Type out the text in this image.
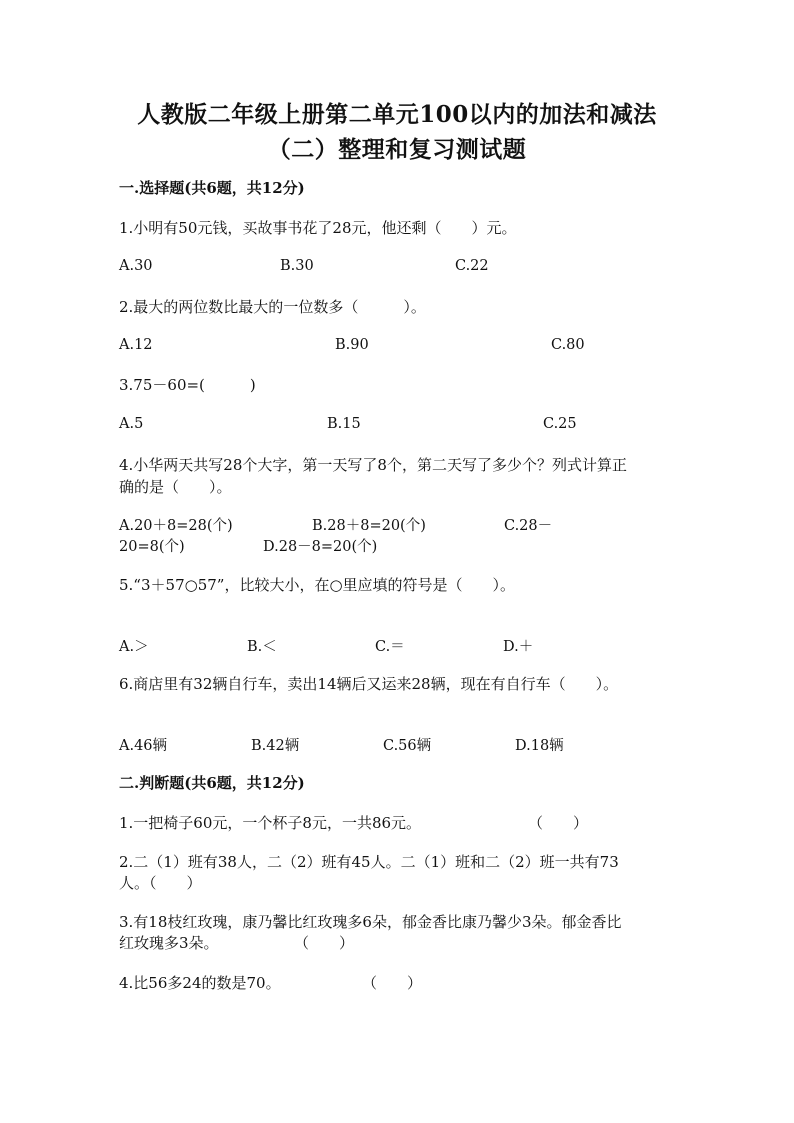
人教版二年级上册第二单元100以内的加法和减法
（二）整理和复习测试题
一.选择题(共6题，共12分)
1.小明有50元钱，买故事书花了28元，他还剩（　　）元。
A.30	B.30	C.22
2.最大的两位数比最大的一位数多（　　　）。
A.12	B.90	C.80
3.75－60=(　　　)
A.5	B.15	C.25
4.小华两天共写28个大字，第一天写了8个，第二天写了多少个？列式计算正
确的是（　　）。
A.20＋8=28(个)	B.28＋8=20(个)	C.28－
20=8(个)	D.28－8=20(个)
5.“3＋57○57”，比较大小，在○里应填的符号是（　　）。
A.＞	B.＜	C.＝	D.＋
6.商店里有32辆自行车，卖出14辆后又运来28辆，现在有自行车（　　）。
A.46辆	B.42辆	C.56辆	D.18辆
二.判断题(共6题，共12分)
1.一把椅子60元，一个杯子8元，一共86元。	（　　）
2.二（1）班有38人，二（2）班有45人。二（1）班和二（2）班一共有73
人。（　　）
3.有18枝红玫瑰，康乃馨比红玫瑰多6朵，郁金香比康乃馨少3朵。郁金香比
红玫瑰多3朵。	（　　）
4.比56多24的数是70。	（　　）
